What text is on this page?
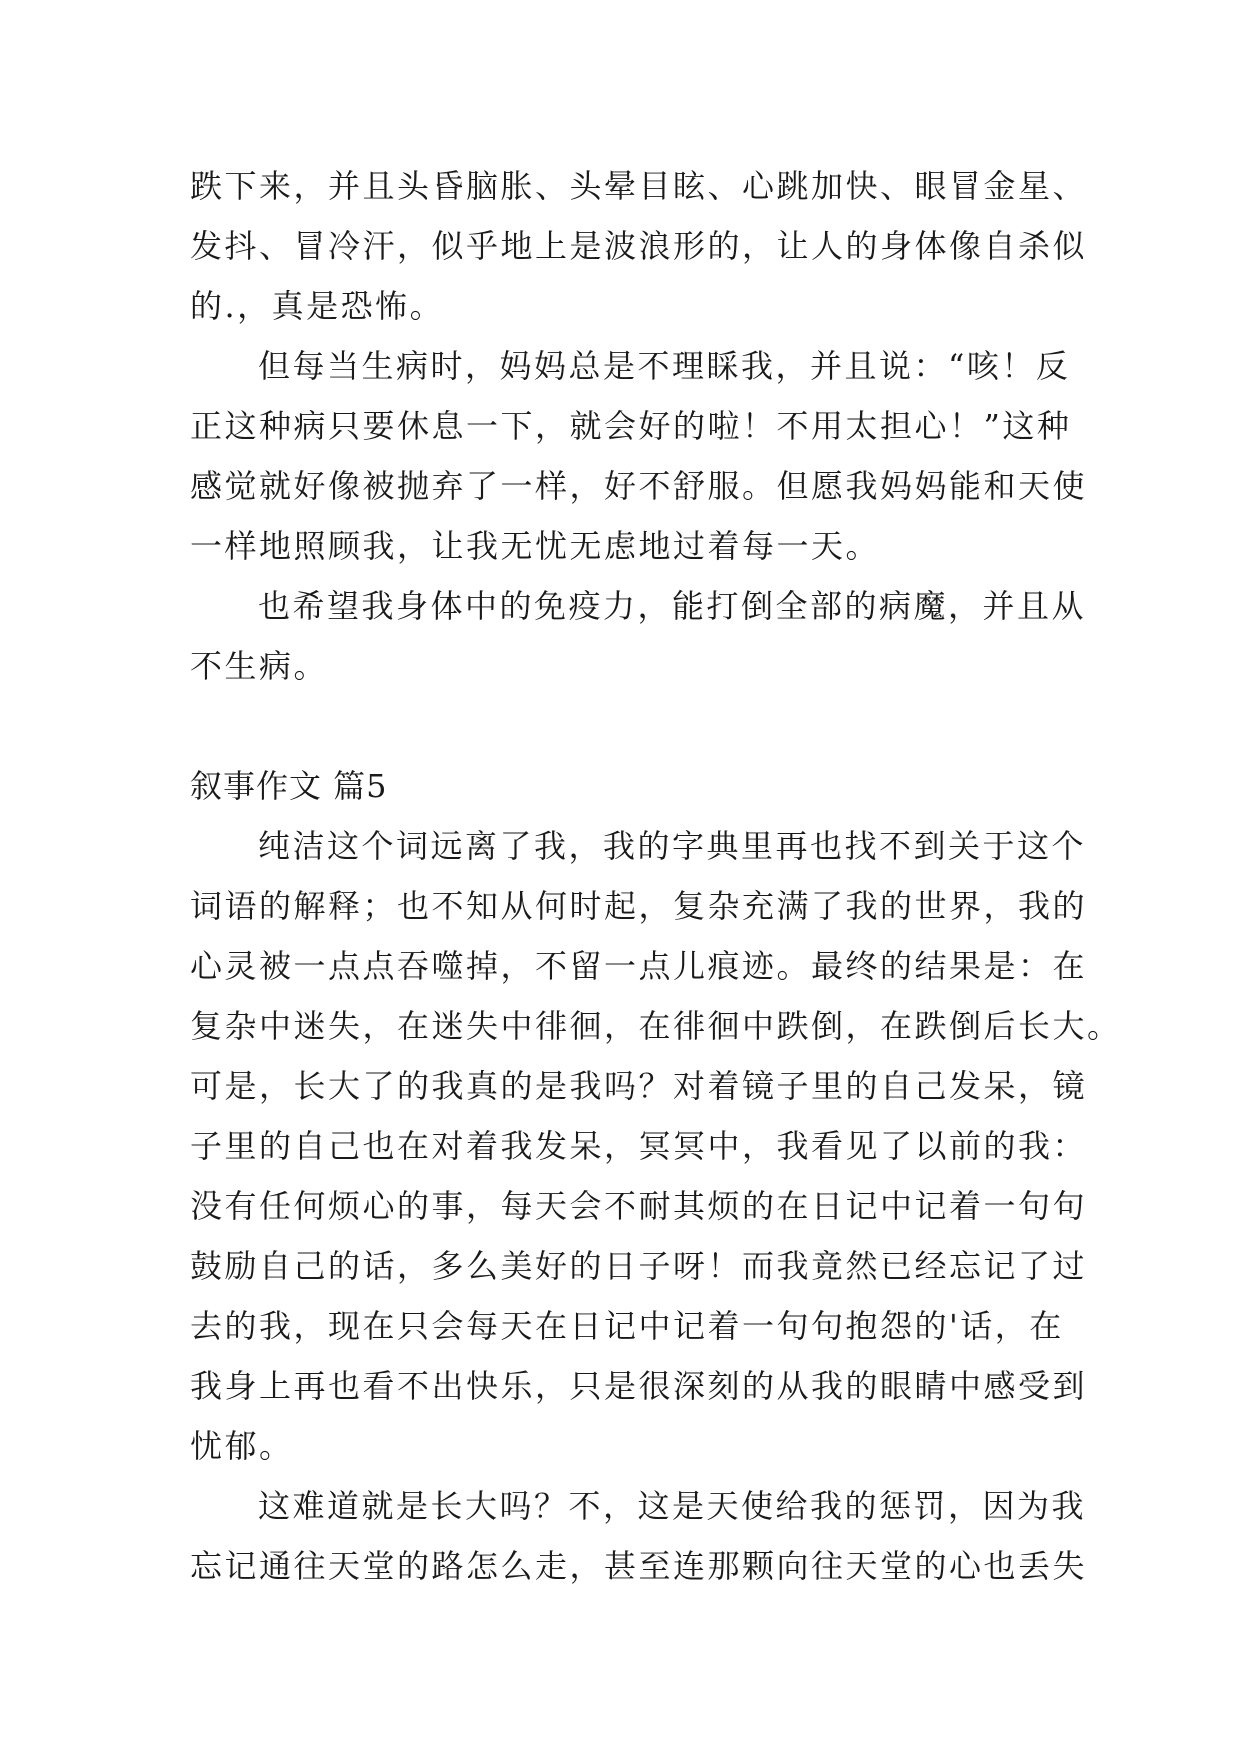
跌下来，并且头昏脑胀、头晕目眩、心跳加快、眼冒金星、
发抖、冒冷汗，似乎地上是波浪形的，让人的身体像自杀似
的.，真是恐怖。
但每当生病时，妈妈总是不理睬我，并且说：“咳！反
正这种病只要休息一下，就会好的啦！不用太担心！”这种
感觉就好像被抛弃了一样，好不舒服。但愿我妈妈能和天使
一样地照顾我，让我无忧无虑地过着每一天。
也希望我身体中的免疫力，能打倒全部的病魔，并且从
不生病。
叙事作文 篇5
纯洁这个词远离了我，我的字典里再也找不到关于这个
词语的解释；也不知从何时起，复杂充满了我的世界，我的
心灵被一点点吞噬掉，不留一点儿痕迹。最终的结果是：在
复杂中迷失，在迷失中徘徊，在徘徊中跌倒，在跌倒后长大。
可是，长大了的我真的是我吗？对着镜子里的自己发呆，镜
子里的自己也在对着我发呆，冥冥中，我看见了以前的我：
没有任何烦心的事，每天会不耐其烦的在日记中记着一句句
鼓励自己的话，多么美好的日子呀！而我竟然已经忘记了过
去的我，现在只会每天在日记中记着一句句抱怨的'话，在
我身上再也看不出快乐，只是很深刻的从我的眼睛中感受到
忧郁。
这难道就是长大吗？不，这是天使给我的惩罚，因为我
忘记通往天堂的路怎么走，甚至连那颗向往天堂的心也丢失
